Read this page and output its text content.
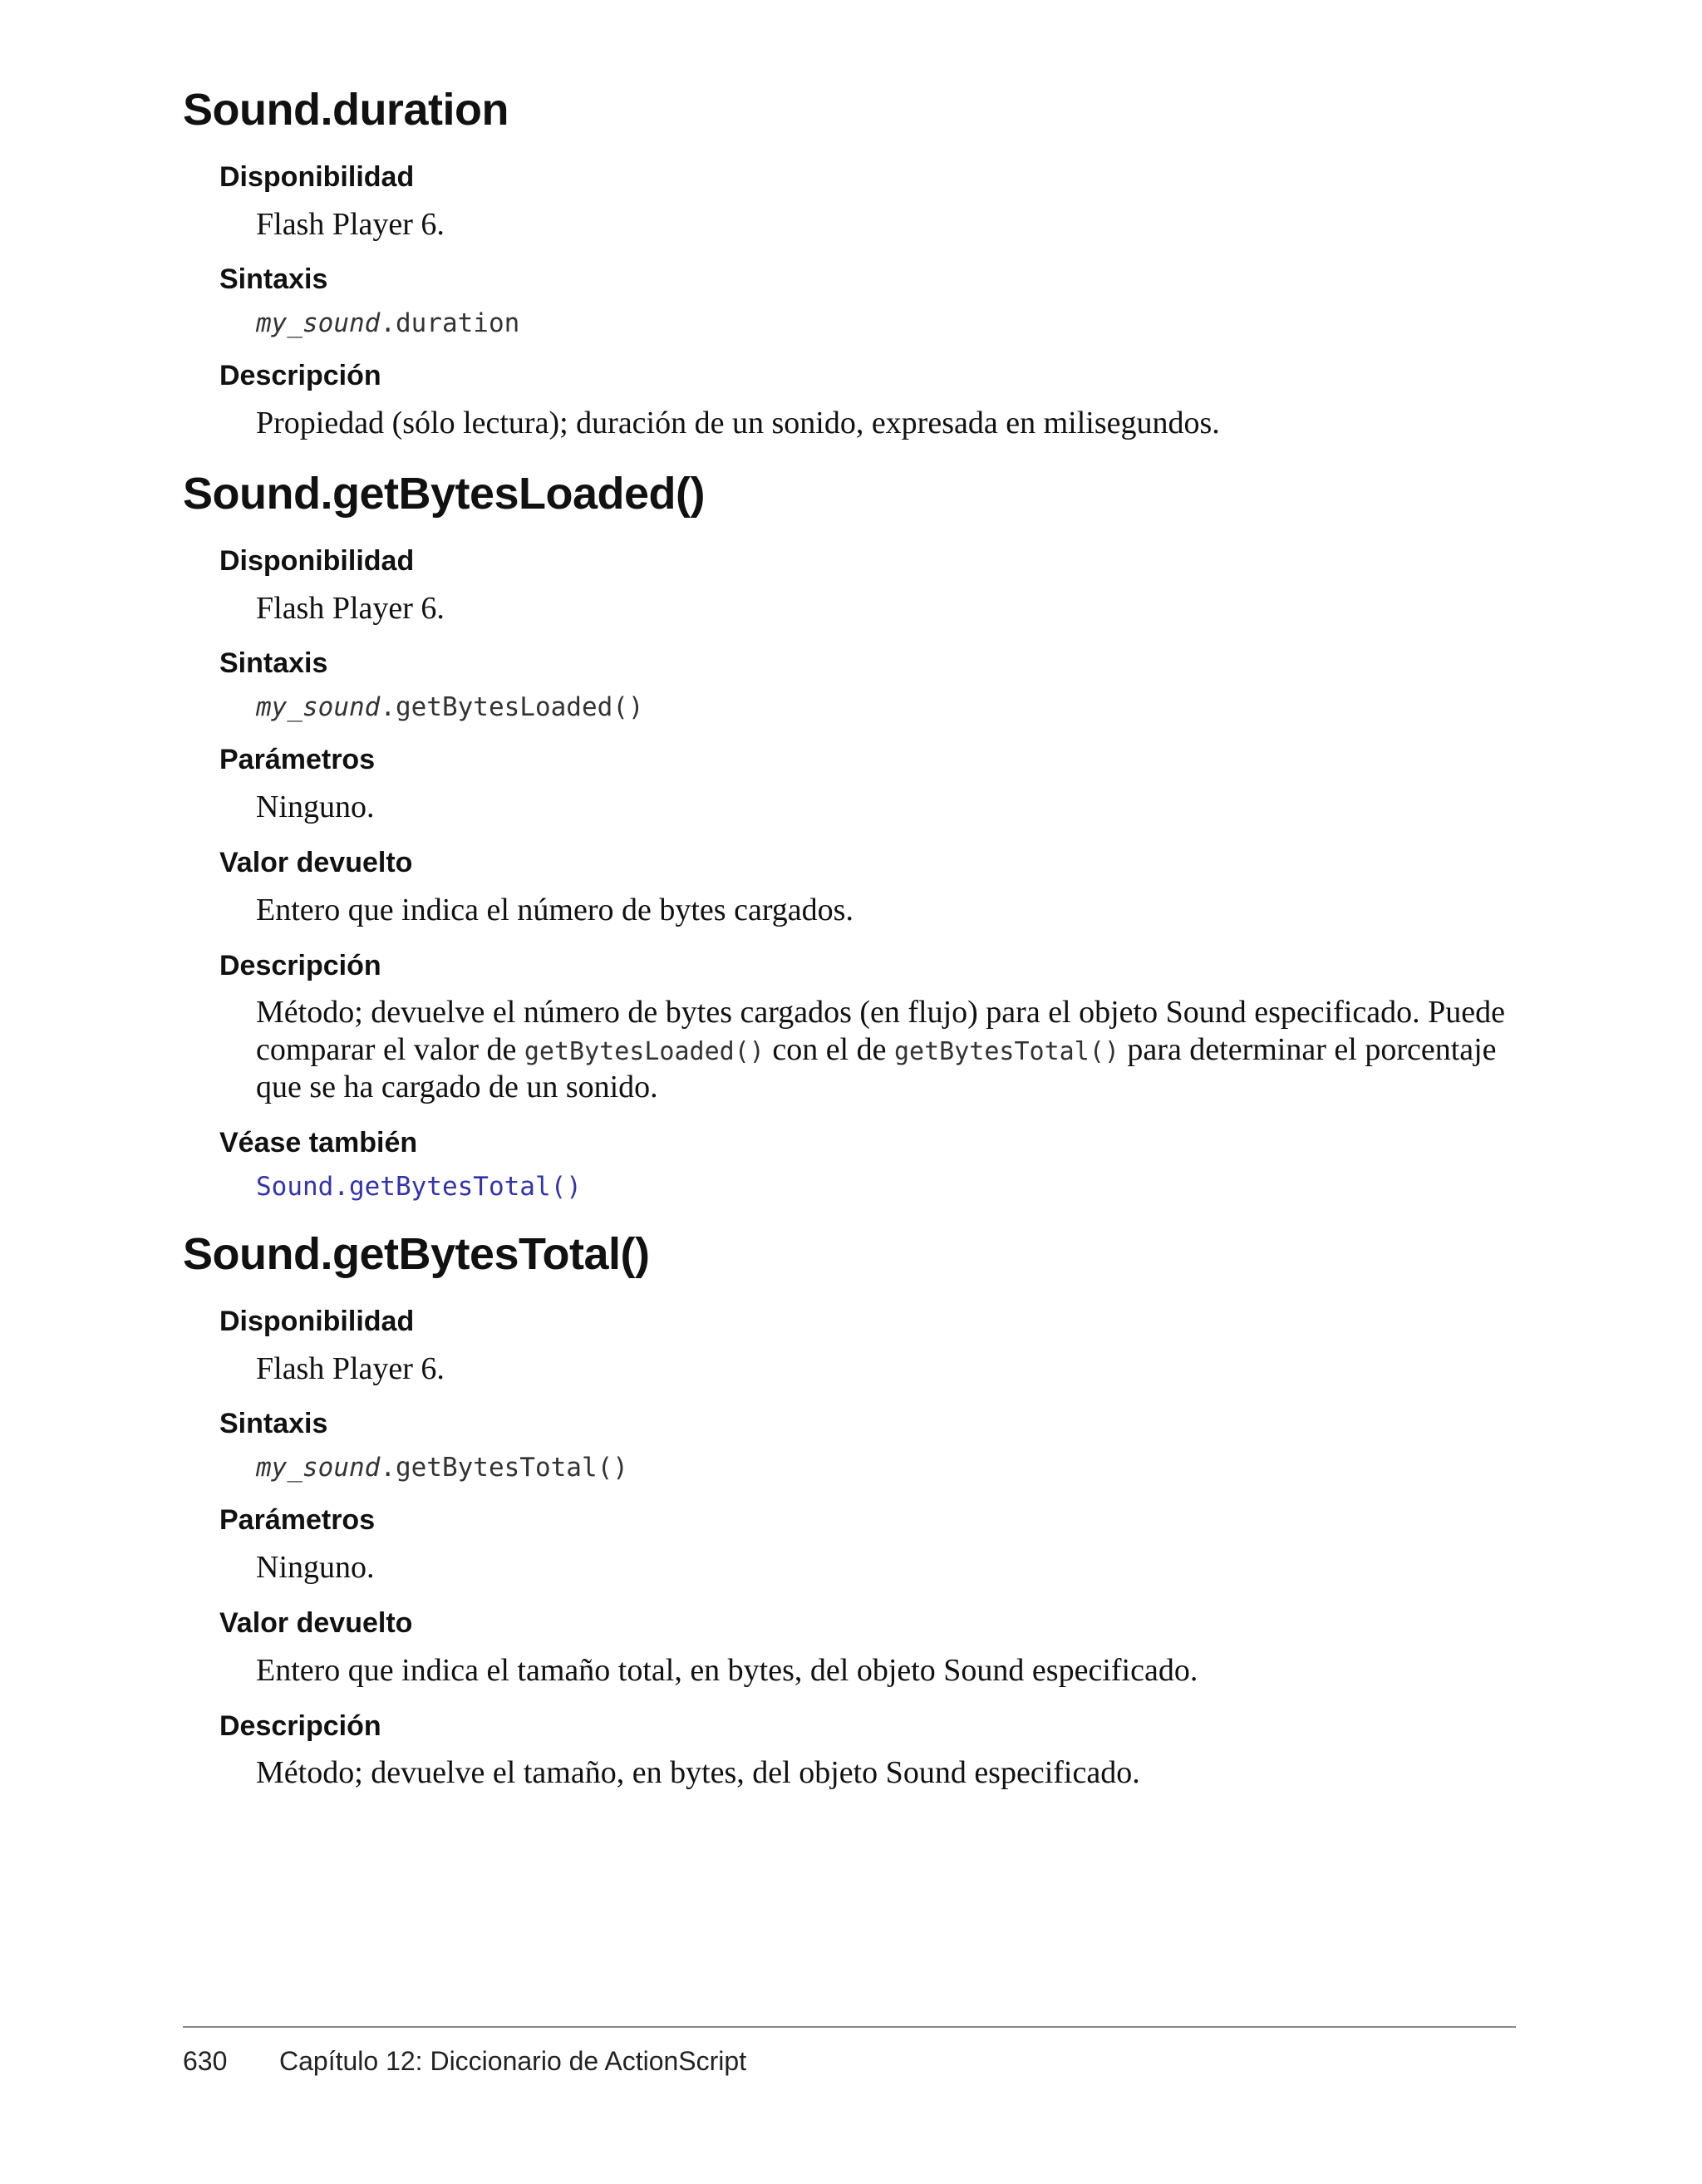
Sound.duration
Disponibilidad

Flash Player 6.

Sintaxis

my_sound.duration

Descripción

Propiedad (sólo lectura); duración de un sonido, expresada en milisegundos.

Sound.getBytesLoaded()
Disponibilidad

Flash Player 6.

Sintaxis

my_sound.getBytesLoaded()

Parámetros

Ninguno.

Valor devuelto

Entero que indica el número de bytes cargados.

Descripción

Método; devuelve el número de bytes cargados (en flujo) para el objeto Sound especificado. Puede comparar el valor de getBytesLoaded() con el de getBytesTotal() para determinar el porcentaje que se ha cargado de un sonido.

Véase también

Sound.getBytesTotal()

Sound.getBytesTotal()
Disponibilidad

Flash Player 6.

Sintaxis

my_sound.getBytesTotal()

Parámetros

Ninguno.

Valor devuelto

Entero que indica el tamaño total, en bytes, del objeto Sound especificado.

Descripción

Método; devuelve el tamaño, en bytes, del objeto Sound especificado.

630 Capítulo 12: Diccionario de ActionScript
